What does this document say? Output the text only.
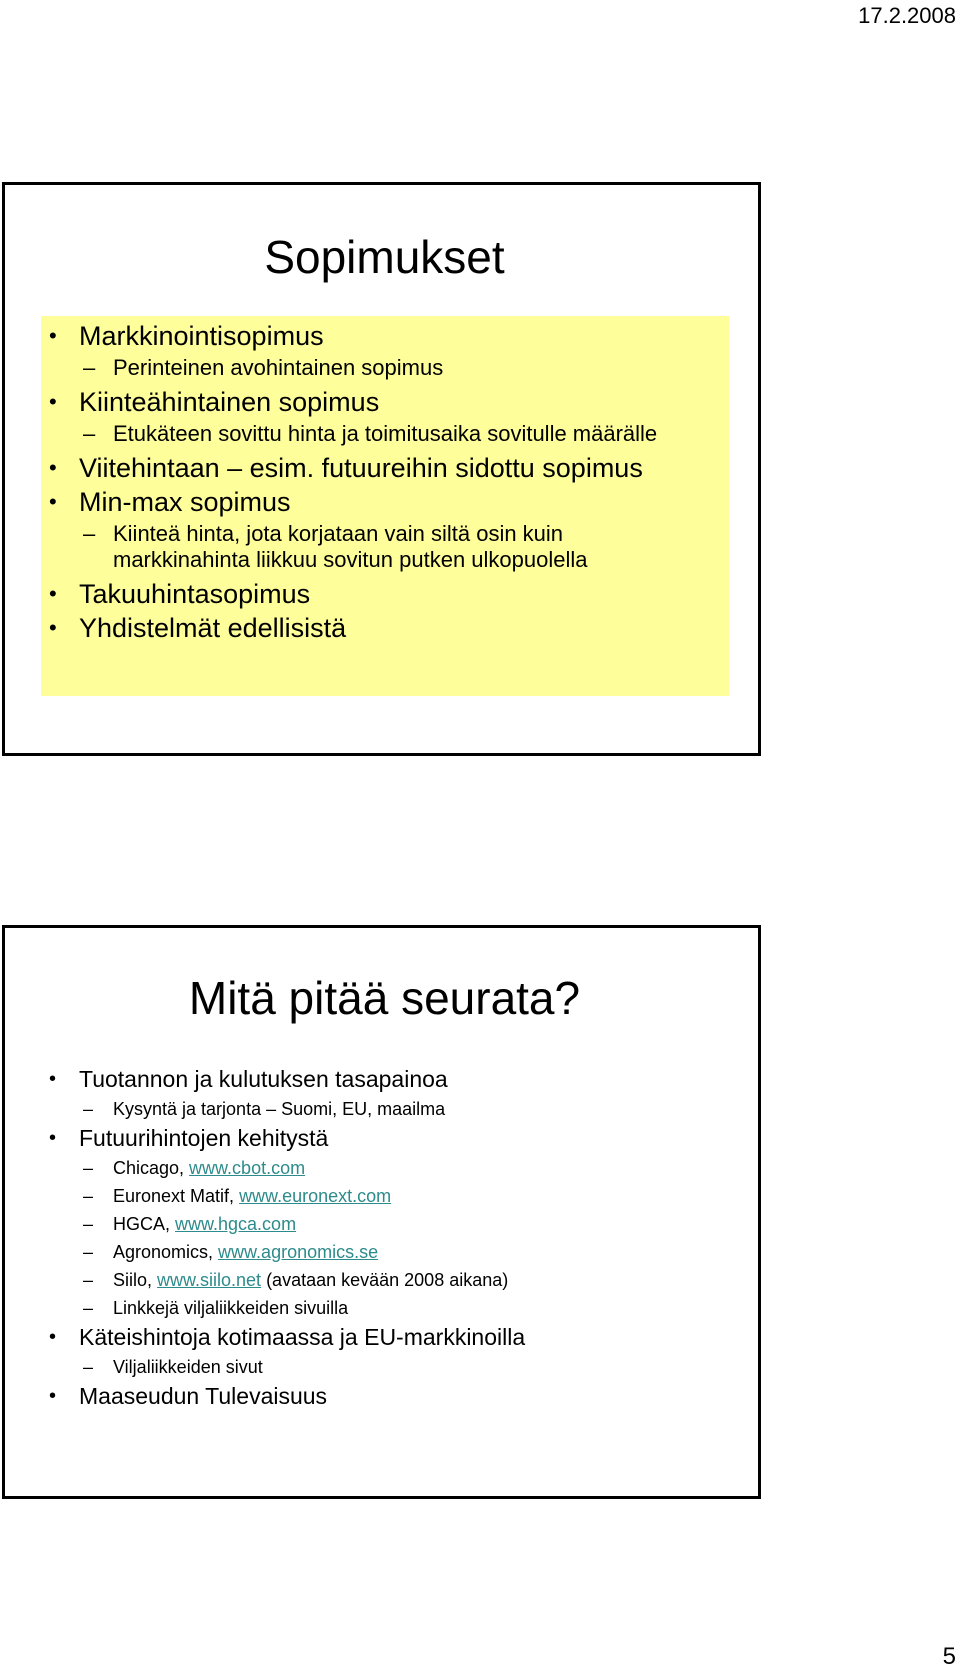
17.2.2008
Sopimukset
• Markkinointisopimus
– Perinteinen avohintainen sopimus
• Kiinteähintainen sopimus
– Etukäteen sovittu hinta ja toimitusaika sovitulle määrälle
• Viitehintaan – esim. futuureihin sidottu sopimus
• Min-max sopimus
– Kiinteä hinta, jota korjataan vain siltä osin kuin markkinahinta liikkuu sovitun putken ulkopuolella
• Takuuhintasopimus
• Yhdistelmät edellisistä
Mitä pitää seurata?
• Tuotannon ja kulutuksen tasapainoa
– Kysyntä ja tarjonta – Suomi, EU, maailma
• Futuurihintojen kehitystä
– Chicago, www.cbot.com
– Euronext Matif, www.euronext.com
– HGCA, www.hgca.com
– Agronomics, www.agronomics.se
– Siilo, www.siilo.net (avataan kevään 2008 aikana)
– Linkkejä viljaliikkeiden sivuilla
• Käteishintoja kotimaassa ja EU-markkinoilla
– Viljaliikkeiden sivut
• Maaseudun Tulevaisuus
5
